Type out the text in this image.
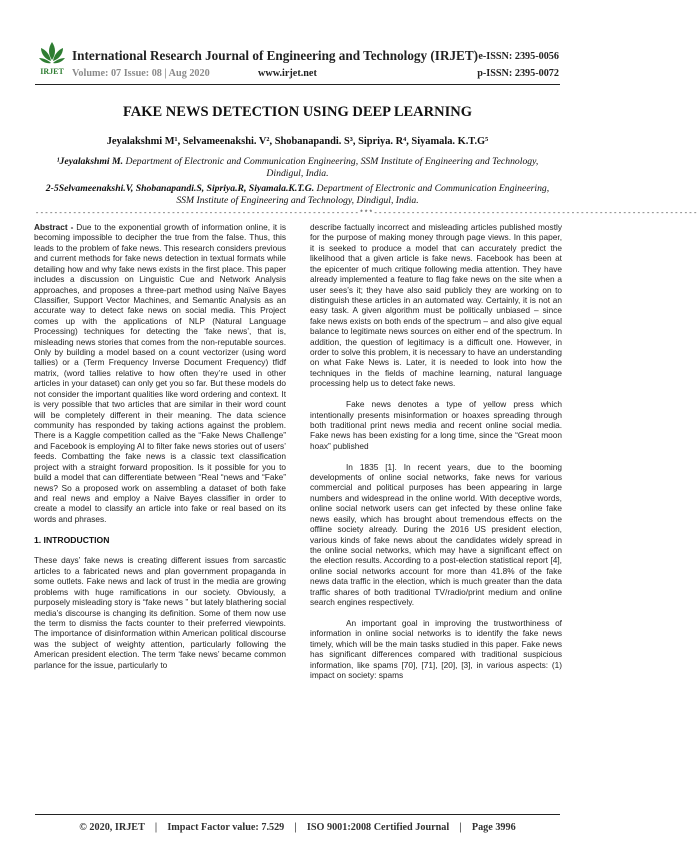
IRJET
International Research Journal of Engineering and Technology (IRJET) e-ISSN: 2395-0056
Volume: 07 Issue: 08 | Aug 2020	www.irjet.net	p-ISSN: 2395-0072
FAKE NEWS DETECTION USING DEEP LEARNING
Jeyalakshmi M¹, Selvameenakshi. V², Shobanapandi. S³, Sipriya. R⁴, Siyamala. K.T.G⁵
¹Jeyalakshmi M. Department of Electronic and Communication Engineering, SSM Institute of Engineering and Technology, Dindigul, India.
2-5Selvameenakshi.V, Shobanapandi.S, Sipriya.R, Siyamala.K.T.G. Department of Electronic and Communication Engineering, SSM Institute of Engineering and Technology, Dindigul, India.
---------------------------------------------------------------------***---------------------------------------------------------------------

Abstract - Due to the exponential growth of information online, it is becoming impossible to decipher the true from the false. Thus, this leads to the problem of fake news. This research considers previous and current methods for fake news detection in textual formats while detailing how and why fake news exists in the first place. This paper includes a discussion on Linguistic Cue and Network Analysis approaches, and proposes a three-part method using Naïve Bayes Classifier, Support Vector Machines, and Semantic Analysis as an accurate way to detect fake news on social media. This Project comes up with the applications of NLP (Natural Language Processing) techniques for detecting the ‘fake news’, that is, misleading news stories that comes from the non-reputable sources. Only by building a model based on a count vectorizer (using word tallies) or a (Term Frequency Inverse Document Frequency) tfidf matrix, (word tallies relative to how often they’re used in other articles in your dataset) can only get you so far. But these models do not consider the important qualities like word ordering and context. It is very possible that two articles that are similar in their word count will be completely different in their meaning. The data science community has responded by taking actions against the problem. There is a Kaggle competition called as the “Fake News Challenge” and Facebook is employing AI to filter fake news stories out of users’ feeds. Combatting the fake news is a classic text classification project with a straight forward proposition. Is it possible for you to build a model that can differentiate between “Real “news and “Fake” news? So a proposed work on assembling a dataset of both fake and real news and employ a Naive Bayes classifier in order to create a model to classify an article into fake or real based on its words and phrases.

1. INTRODUCTION

These days’ fake news is creating different issues from sarcastic articles to a fabricated news and plan government propaganda in some outlets. Fake news and lack of trust in the media are growing problems with huge ramifications in our society. Obviously, a purposely misleading story is “fake news ” but lately blathering social media’s discourse is changing its definition. Some of them now use the term to dismiss the facts counter to their preferred viewpoints. The importance of disinformation within American political discourse was the subject of weighty attention, particularly following the American president election. The term ‘fake news’ became common parlance for the issue, particularly to

describe factually incorrect and misleading articles published mostly for the purpose of making money through page views. In this paper, it is seeked to produce a model that can accurately predict the likelihood that a given article is fake news. Facebook has been at the epicenter of much critique following media attention. They have already implemented a feature to flag fake news on the site when a user sees’s it; they have also said publicly they are working on to distinguish these articles in an automated way. Certainly, it is not an easy task. A given algorithm must be politically unbiased – since fake news exists on both ends of the spectrum – and also give equal balance to legitimate news sources on either end of the spectrum. In addition, the question of legitimacy is a difficult one. However, in order to solve this problem, it is necessary to have an understanding on what Fake News is. Later, it is needed to look into how the techniques in the fields of machine learning, natural language processing help us to detect fake news.

Fake news denotes a type of yellow press which intentionally presents misinformation or hoaxes spreading through both traditional print news media and recent online social media. Fake news has been existing for a long time, since the “Great moon hoax” published

In 1835 [1]. In recent years, due to the booming developments of online social networks, fake news for various commercial and political purposes has been appearing in large numbers and widespread in the online world. With deceptive words, online social network users can get infected by these online fake news easily, which has brought about tremendous effects on the offline society already. During the 2016 US president election, various kinds of fake news about the candidates widely spread in the online social networks, which may have a significant effect on the election results. According to a post-election statistical report [4], online social networks account for more than 41.8% of the fake news data traffic in the election, which is much greater than the data traffic shares of both traditional TV/radio/print medium and online search engines respectively.

An important goal in improving the trustworthiness of information in online social networks is to identify the fake news timely, which will be the main tasks studied in this paper. Fake news has significant differences compared with traditional suspicious information, like spams [70], [71], [20], [3], in various aspects: (1) impact on society: spams

© 2020, IRJET    |    Impact Factor value: 7.529    |    ISO 9001:2008 Certified Journal    |    Page 3996
